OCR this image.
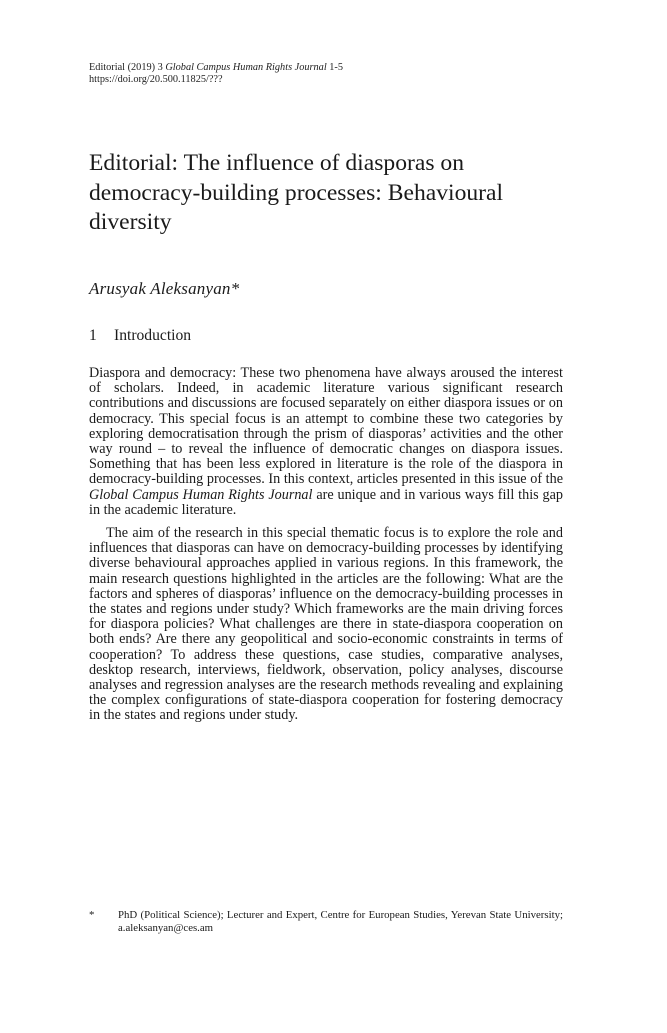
Editorial (2019) 3 Global Campus Human Rights Journal 1-5
https://doi.org/20.500.11825/???
Editorial: The influence of diasporas on democracy-building processes: Behavioural diversity
Arusyak Aleksanyan*
1 Introduction

Diaspora and democracy: These two phenomena have always aroused the interest of scholars. Indeed, in academic literature various significant research contributions and discussions are focused separately on either diaspora issues or on democracy. This special focus is an attempt to combine these two categories by exploring democratisation through the prism of diasporas’ activities and the other way round – to reveal the influence of democratic changes on diaspora issues. Something that has been less explored in literature is the role of the diaspora in democracy-building processes. In this context, articles presented in this issue of the Global Campus Human Rights Journal are unique and in various ways fill this gap in the academic literature.

The aim of the research in this special thematic focus is to explore the role and influences that diasporas can have on democracy-building processes by identifying diverse behavioural approaches applied in various regions. In this framework, the main research questions highlighted in the articles are the following: What are the factors and spheres of diasporas’ influence on the democracy-building processes in the states and regions under study? Which frameworks are the main driving forces for diaspora policies? What challenges are there in state-diaspora cooperation on both ends? Are there any geopolitical and socio-economic constraints in terms of cooperation? To address these questions, case studies, comparative analyses, desktop research, interviews, fieldwork, observation, policy analyses, discourse analyses and regression analyses are the research methods revealing and explaining the complex configurations of state-diaspora cooperation for fostering democracy in the states and regions under study.

* PhD (Political Science); Lecturer and Expert, Centre for European Studies, Yerevan State University; a.aleksanyan@ces.am
